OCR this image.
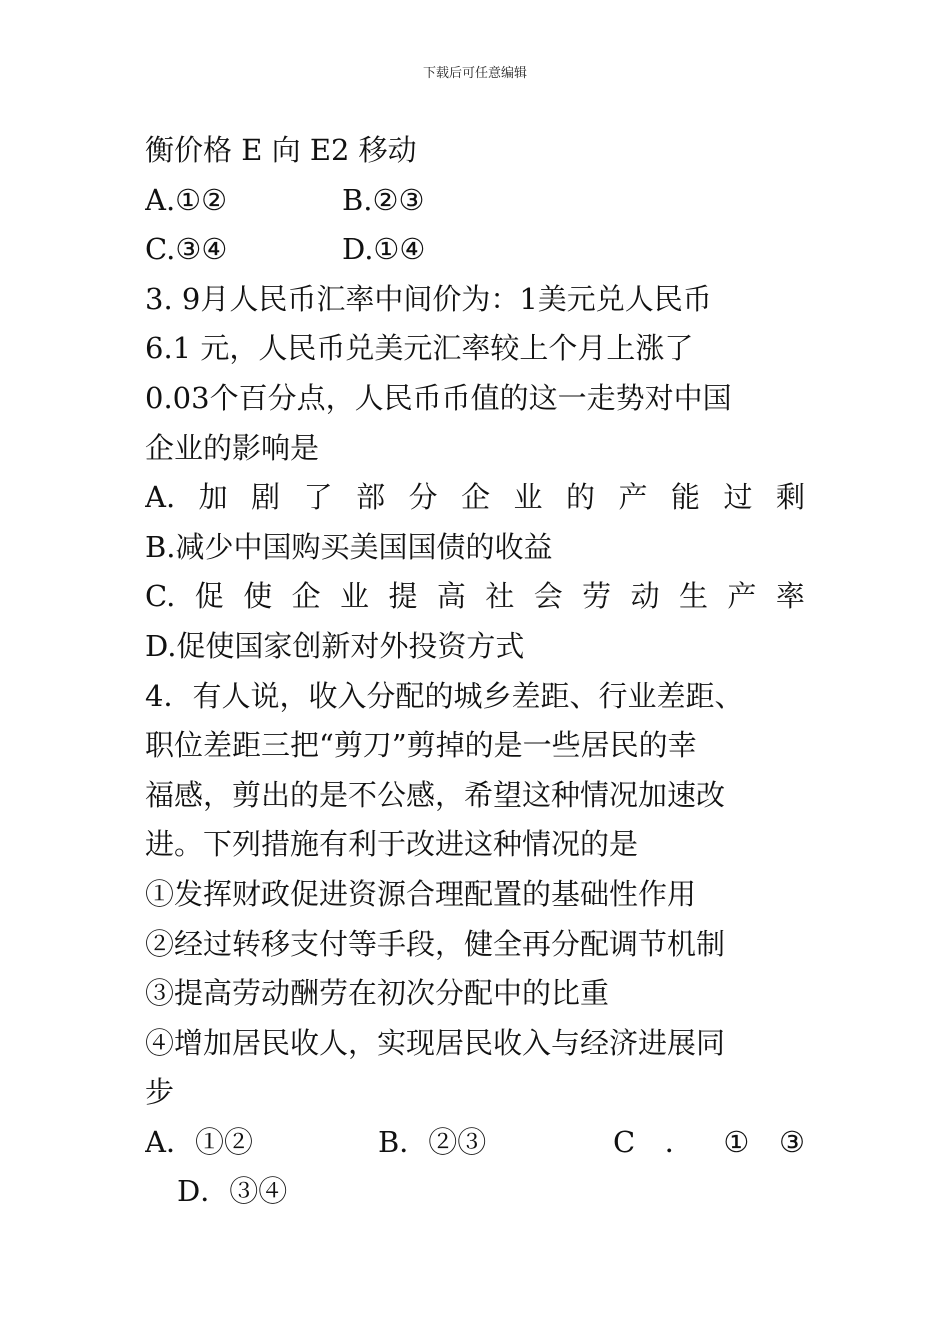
下载后可任意编辑
衡价格 E 向 E2 移动
A.①②	B.②③
C.③④	D.①④
3. 9月人民币汇率中间价为：1美元兑人民币
6.1 元，人民币兑美元汇率较上个月上涨了
0.03个百分点，人民币币值的这一走势对中国
企业的影响是
A. 加 剧 了 部 分 企 业 的 产 能 过 剩
B.减少中国购买美国国债的收益
C. 促 使 企 业 提 高 社 会 劳 动 生 产 率
D.促使国家创新对外投资方式
4．有人说，收入分配的城乡差距、行业差距、
职位差距三把“剪刀”剪掉的是一些居民的幸
福感，剪出的是不公感，希望这种情况加速改
进。下列措施有利于改进这种情况的是
①发挥财政促进资源合理配置的基础性作用
②经过转移支付等手段，健全再分配调节机制
③提高劳动酬劳在初次分配中的比重
④增加居民收人，实现居民收入与经济进展同
步
A．①②	B．②③	C ． ① ③
D．③④
